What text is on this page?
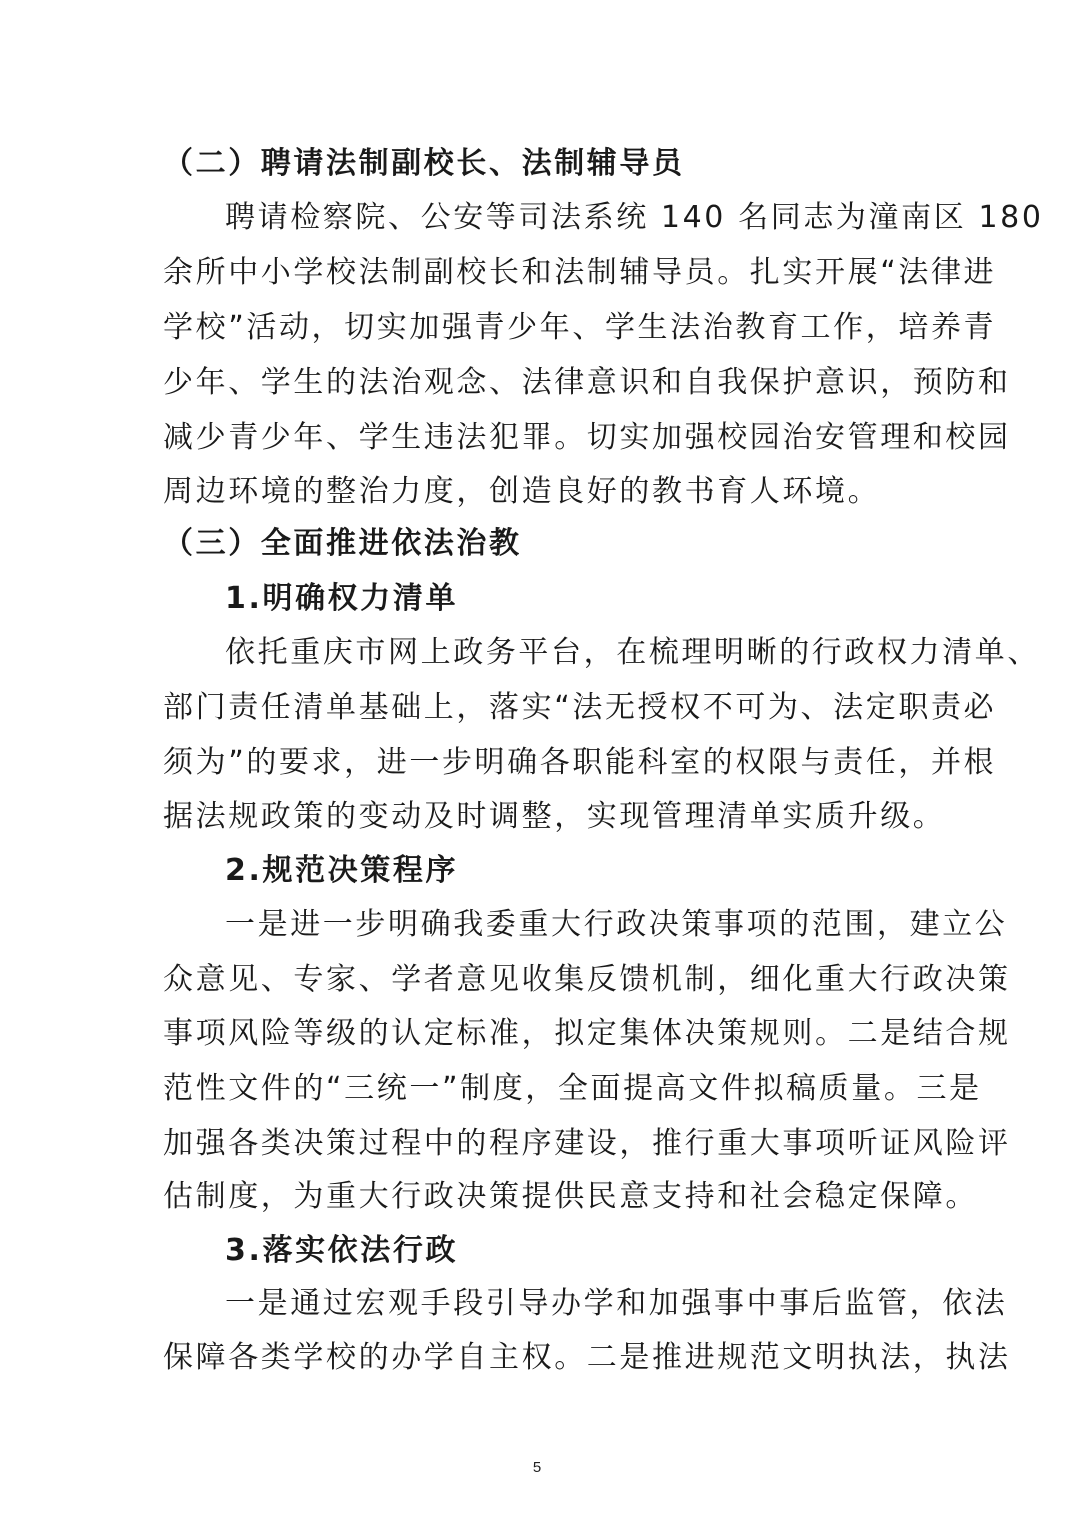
（二）聘请法制副校长、法制辅导员
聘请检察院、公安等司法系统 140 名同志为潼南区 180
余所中小学校法制副校长和法制辅导员。扎实开展“法律进
学校”活动，切实加强青少年、学生法治教育工作，培养青
少年、学生的法治观念、法律意识和自我保护意识，预防和
减少青少年、学生违法犯罪。切实加强校园治安管理和校园
周边环境的整治力度，创造良好的教书育人环境。
（三）全面推进依法治教
1.明确权力清单
依托重庆市网上政务平台，在梳理明晰的行政权力清单、
部门责任清单基础上，落实“法无授权不可为、法定职责必
须为”的要求，进一步明确各职能科室的权限与责任，并根
据法规政策的变动及时调整，实现管理清单实质升级。
2.规范决策程序
一是进一步明确我委重大行政决策事项的范围，建立公
众意见、专家、学者意见收集反馈机制，细化重大行政决策
事项风险等级的认定标准，拟定集体决策规则。二是结合规
范性文件的“三统一”制度，全面提高文件拟稿质量。三是
加强各类决策过程中的程序建设，推行重大事项听证风险评
估制度，为重大行政决策提供民意支持和社会稳定保障。
3.落实依法行政
一是通过宏观手段引导办学和加强事中事后监管，依法
保障各类学校的办学自主权。二是推进规范文明执法，执法
5
